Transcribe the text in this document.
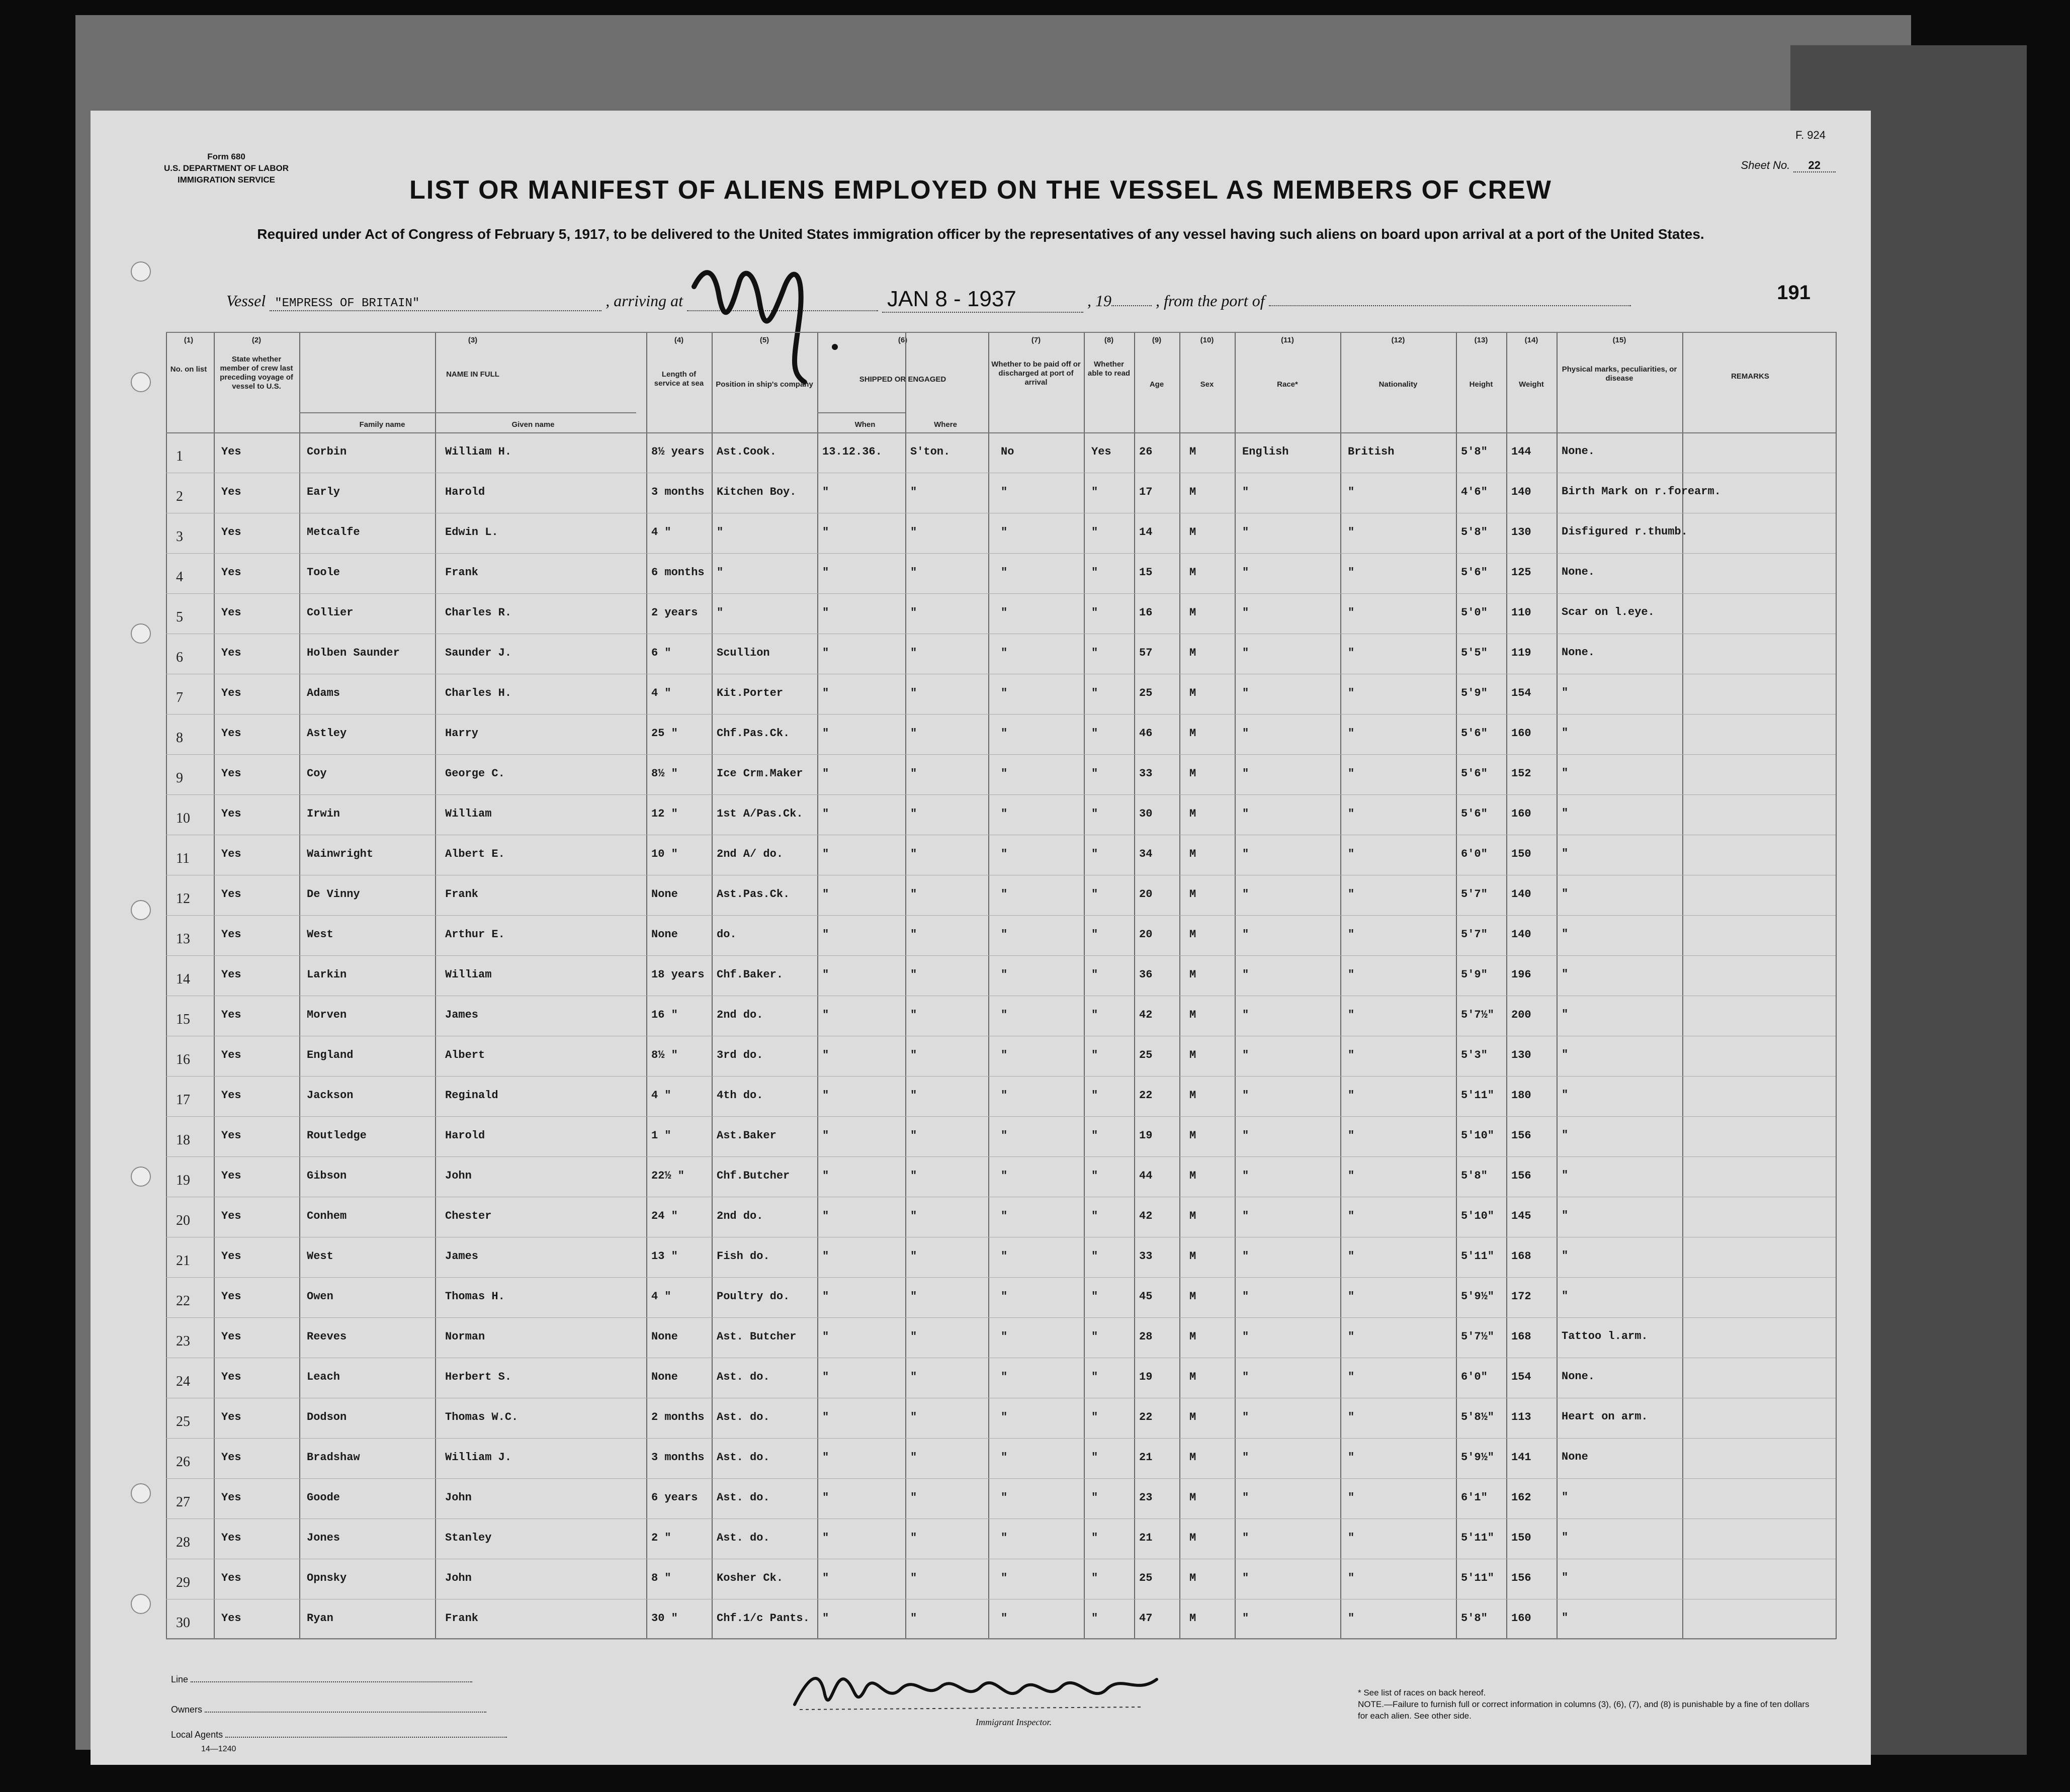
Form 680
U.S. DEPARTMENT OF LABOR
IMMIGRATION SERVICE
F. 924
Sheet No. 22
LIST OR MANIFEST OF ALIENS EMPLOYED ON THE VESSEL AS MEMBERS OF CREW
Required under Act of Congress of February 5, 1917, to be delivered to the United States immigration officer by the representatives of any vessel having such aliens on board upon arrival at a port of the United States.
Vessel "EMPRESS OF BRITAIN"	, arriving at	JAN 8 - 1937	, 19	, from the port of	191
(1)
No. on list
(2)
State whether member of crew last preceding voyage of vessel to U.S.
(3)
NAME IN FULL
Family name	Given name
(4)
Length of service at sea
(5)
Position in ship's company
(6)
SHIPPED OR ENGAGED
When	Where
(7)
Whether to be paid off or discharged at port of arrival
(8)
Whether able to read
(9)
Age
(10)
Sex
(11)
Race*
(12)
Nationality
(13)
Height
(14)
Weight
(15)
Physical marks, peculiarities, or disease	REMARKS
1	Yes	Corbin	William H.	8½ years Ast.Cook.	13.12.36.	S'ton.	No	Yes	26	M	English	British	5'8" 144	None.
2	Yes	Early	Harold	3 months Kitchen Boy. "	"	"	"	17	M	"	"	4'6" 140	Birth Mark on r.forearm.
3	Yes	Metcalfe	Edwin L.	4 "	"	"	"	"	"	14	M	"	"	5'8" 130	Disfigured r.thumb.
4	Yes	Toole	Frank	6 months "	"	"	"	"	15	M	"	"	5'6" 125	None.
5	Yes	Collier	Charles R.	2 years "	"	"	"	"	16	M	"	"	5'0" 110	Scar on l.eye.
6	Yes	Holben Saunder	Saunder J.	6 "	Scullion	"	"	"	"	57	M	"	"	5'5" 119	None.
7	Yes	Adams	Charles H.	4 "	Kit.Porter	"	"	"	"	25	M	"	"	5'9" 154	"
8	Yes	Astley	Harry	25 "	Chf.Pas.Ck.	"	"	"	"	46	M	"	"	5'6" 160	"
9	Yes	Coy	George C.	8½ "	Ice Crm.Maker "	"	"	"	33	M	"	"	5'6" 152	"
10	Yes	Irwin	William	12 "	1st A/Pas.Ck. "	"	"	"	30	M	"	"	5'6" 160	"
11	Yes	Wainwright	Albert E.	10 "	2nd A/ do.	"	"	"	"	34	M	"	"	6'0" 150	"
12	Yes	De Vinny	Frank	None	Ast.Pas.Ck.	"	"	"	"	20	M	"	"	5'7" 140	"
13	Yes	West	Arthur E.	None	do.	"	"	"	"	20	M	"	"	5'7" 140	"
14	Yes	Larkin	William	18 years Chf.Baker.	"	"	"	"	36	M	"	"	5'9" 196	"
15	Yes	Morven	James	16 "	2nd do.	"	"	"	"	42	M	"	"	5'7½" 200	"
16	Yes	England	Albert	8½ "	3rd do.	"	"	"	"	25	M	"	"	5'3" 130	"
17	Yes	Jackson	Reginald	4 "	4th do.	"	"	"	"	22	M	"	"	5'11" 180	"
18	Yes	Routledge	Harold	1 "	Ast.Baker	"	"	"	"	19	M	"	"	5'10" 156	"
19	Yes	Gibson	John	22½ "	Chf.Butcher	"	"	"	"	44	M	"	"	5'8" 156	"
20	Yes	Conhem	Chester	24 "	2nd do.	"	"	"	"	42	M	"	"	5'10" 145	"
21	Yes	West	James	13 "	Fish do.	"	"	"	"	33	M	"	"	5'11" 168	"
22	Yes	Owen	Thomas H.	4 "	Poultry do.	"	"	"	"	45	M	"	"	5'9½" 172	"
23	Yes	Reeves	Norman	None	Ast. Butcher "	"	"	"	28	M	"	"	5'7½" 168	Tattoo l.arm.
24	Yes	Leach	Herbert S.	None	Ast. do.	"	"	"	"	19	M	"	"	6'0" 154	None.
25	Yes	Dodson	Thomas W.C.	2 months Ast. do.	"	"	"	"	22	M	"	"	5'8½" 113	Heart on arm.
26	Yes	Bradshaw	William J.	3 months Ast. do.	"	"	"	"	21	M	"	"	5'9½" 141	None
27	Yes	Goode	John	6 years Ast. do.	"	"	"	"	23	M	"	"	6'1" 162	"
28	Yes	Jones	Stanley	2 "	Ast. do.	"	"	"	"	21	M	"	"	5'11" 150	"
29	Yes	Opnsky	John	8 "	Kosher Ck.	"	"	"	"	25	M	"	"	5'11" 156	"
30	Yes	Ryan	Frank	30 "	Chf.1/c Pants. "	"	"	"	47	M	"	"	5'8" 160	"
Line
Owners
Local Agents
14—1240
Immigrant Inspector.
* See list of races on back hereof.
NOTE.—Failure to furnish full or correct information in columns (3), (6), (7), and (8) is punishable by a fine of ten dollars for each alien. See other side.
